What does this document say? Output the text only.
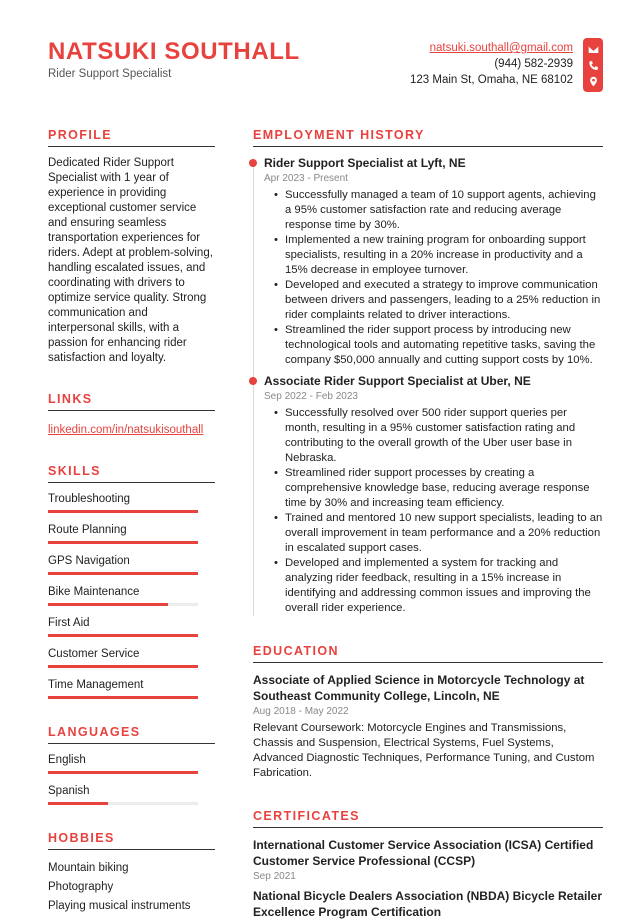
NATSUKI SOUTHALL
Rider Support Specialist
natsuki.southall@gmail.com
(944) 582-2939
123 Main St, Omaha, NE 68102
PROFILE

Dedicated Rider Support Specialist with 1 year of experience in providing exceptional customer service and ensuring seamless transportation experiences for riders. Adept at problem-solving, handling escalated issues, and coordinating with drivers to optimize service quality. Strong communication and interpersonal skills, with a passion for enhancing rider satisfaction and loyalty.

LINKS
linkedin.com/in/natsukisouthall
SKILLS
Troubleshooting
Route Planning
GPS Navigation
Bike Maintenance
First Aid
Customer Service
Time Management
LANGUAGES
English
Spanish
HOBBIES
Mountain biking
Photography
Playing musical instruments
EMPLOYMENT HISTORY
Rider Support Specialist at Lyft, NE
Apr 2023 - Present
• Successfully managed a team of 10 support agents, achieving a 95% customer satisfaction rate and reducing average response time by 30%.
• Implemented a new training program for onboarding support specialists, resulting in a 20% increase in productivity and a 15% decrease in employee turnover.
• Developed and executed a strategy to improve communication between drivers and passengers, leading to a 25% reduction in rider complaints related to driver interactions.
• Streamlined the rider support process by introducing new technological tools and automating repetitive tasks, saving the company $50,000 annually and cutting support costs by 10%.
Associate Rider Support Specialist at Uber, NE
Sep 2022 - Feb 2023
• Successfully resolved over 500 rider support queries per month, resulting in a 95% customer satisfaction rating and contributing to the overall growth of the Uber user base in Nebraska.
• Streamlined rider support processes by creating a comprehensive knowledge base, reducing average response time by 30% and increasing team efficiency.
• Trained and mentored 10 new support specialists, leading to an overall improvement in team performance and a 20% reduction in escalated support cases.
• Developed and implemented a system for tracking and analyzing rider feedback, resulting in a 15% increase in identifying and addressing common issues and improving the overall rider experience.
EDUCATION
Associate of Applied Science in Motorcycle Technology at Southeast Community College, Lincoln, NE
Aug 2018 - May 2022
Relevant Coursework: Motorcycle Engines and Transmissions, Chassis and Suspension, Electrical Systems, Fuel Systems, Advanced Diagnostic Techniques, Performance Tuning, and Custom Fabrication.
CERTIFICATES
International Customer Service Association (ICSA) Certified Customer Service Professional (CCSP)
Sep 2021
National Bicycle Dealers Association (NBDA) Bicycle Retailer Excellence Program Certification
